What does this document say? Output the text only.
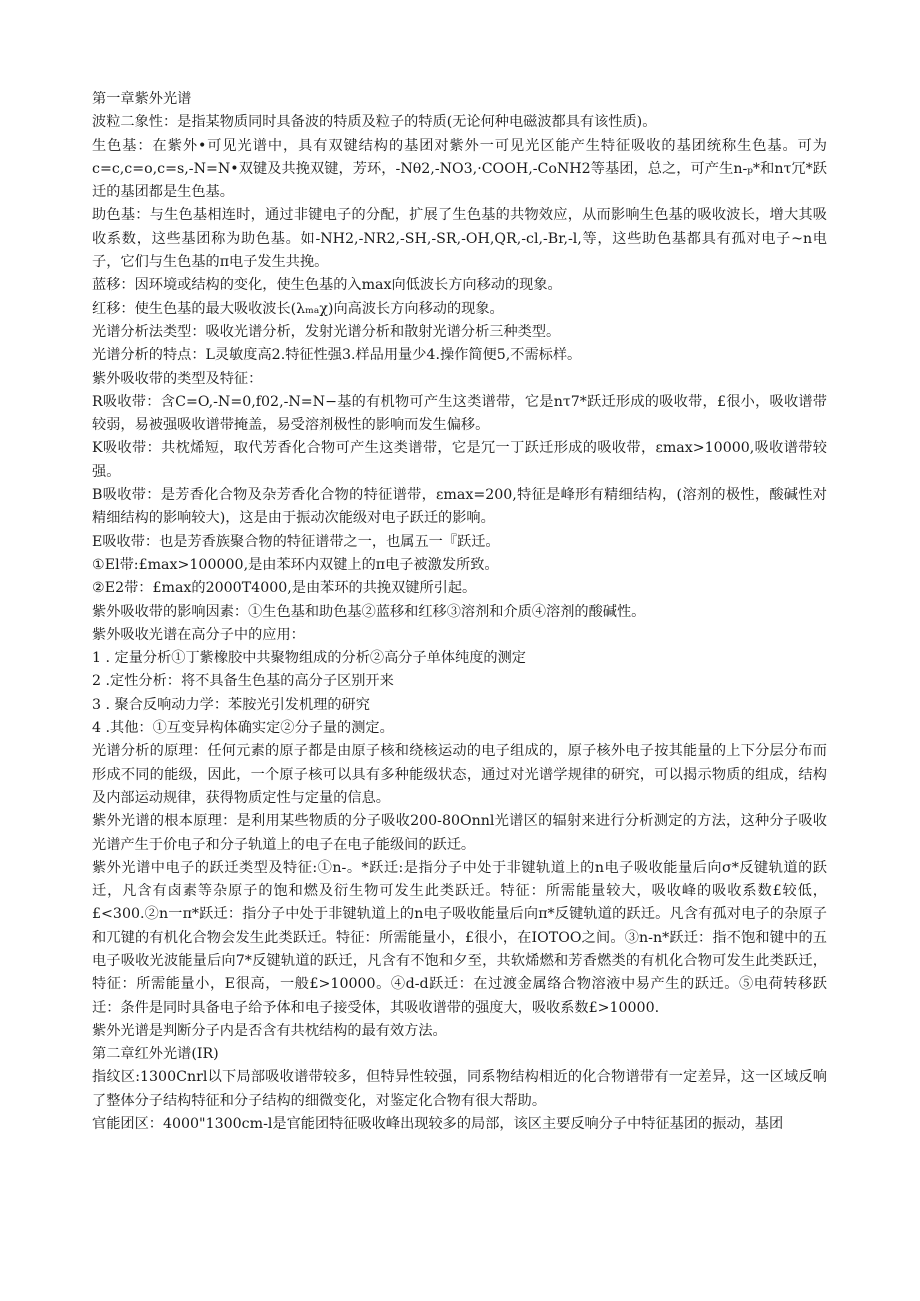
第一章紫外光谱

波粒二象性：是指某物质同时具备波的特质及粒子的特质(无论何种电磁波都具有该性质)。

生色基：在紫外•可见光谱中，具有双键结构的基团对紫外一可见光区能产生特征吸收的基团统称生色基。可为c=c,c=o,c=s,-N=N•双键及共挽双键，芳环，-Nθ2,-NO3,·COOH,-CoNH2等基团，总之，可产生n-ₚ*和nτ冗*跃迁的基团都是生色基。

助色基：与生色基相连时，通过非键电子的分配，扩展了生色基的共物效应，从而影响生色基的吸收波长，增大其吸收系数，这些基团称为助色基。如-NH2,-NR2,-SH,-SR,-OH,QR,-cl,-Br,-l,等，这些助色基都具有孤对电子~n电子，它们与生色基的π电子发生共挽。

蓝移：因环境或结构的变化，使生色基的入max向低波长方向移动的现象。

红移：使生色基的最大吸收波长(λₘₐχ)向高波长方向移动的现象。

光谱分析法类型：吸收光谱分析，发射光谱分析和散射光谱分析三种类型。

光谱分析的特点：L灵敏度高2.特征性强3.样品用量少4.操作简便5,不需标样。

紫外吸收带的类型及特征：

R吸收带：含C=O,-N=0,f02,-N=N−基的有机物可产生这类谱带，它是nτ7*跃迁形成的吸收带，£很小，吸收谱带较弱，易被强吸收谱带掩盖，易受溶剂极性的影响而发生偏移。

K吸收带：共枕烯短，取代芳香化合物可产生这类谱带，它是冗一丁跃迁形成的吸收带，εmax>10000,吸收谱带较强。

B吸收带：是芳香化合物及杂芳香化合物的特征谱带，εmax=200,特征是峰形有精细结构，(溶剂的极性，酸碱性对精细结构的影响较大)，这是由于振动次能级对电子跃迁的影响。

E吸收带：也是芳香族聚合物的特征谱带之一，也属五一『跃迁。

①El带:£max>100000,是由苯环内双键上的π电子被激发所致。

②E2带：£max的2000T4000,是由苯环的共挽双键所引起。

紫外吸收带的影响因素：①生色基和助色基②蓝移和红移③溶剂和介质④溶剂的酸碱性。

紫外吸收光谱在高分子中的应用：

1 . 定量分析①丁紫橡胶中共聚物组成的分析②高分子单体纯度的测定

2 .定性分析：将不具备生色基的高分子区别开来

3 . 聚合反响动力学：苯胺光引发机理的研究

4 .其他：①互变异构体确实定②分子量的测定。

光谱分析的原理：任何元素的原子都是由原子核和绕核运动的电子组成的，原子核外电子按其能量的上下分层分布而形成不同的能级，因此，一个原子核可以具有多种能级状态，通过对光谱学规律的研究，可以揭示物质的组成，结构及内部运动规律，获得物质定性与定量的信息。

紫外光谱的根本原理：是利用某些物质的分子吸收200-80Onnl光谱区的辐射来进行分析测定的方法，这种分子吸收光谱产生于价电子和分子轨道上的电子在电子能级间的跃迁。

紫外光谱中电子的跃迁类型及特征:①n-。*跃迁:是指分子中处于非键轨道上的n电子吸收能量后向σ*反键轨道的跃迁，凡含有卤素等杂原子的饱和燃及衍生物可发生此类跃迁。特征：所需能量较大，吸收峰的吸收系数£较低，£<300.②n一π*跃迁：指分子中处于非键轨道上的n电子吸收能量后向π*反键轨道的跃迁。凡含有孤对电子的杂原子和兀键的有机化合物会发生此类跃迁。特征：所需能量小，£很小，在IOTOO之间。③n-n*跃迁：指不饱和键中的五电子吸收光波能量后向7*反键轨道的跃迁，凡含有不饱和夕至，共软烯燃和芳香燃类的有机化合物可发生此类跃迁，特征：所需能量小，E很高，一般£>10000。④d-d跃迁：在过渡金属络合物溶液中易产生的跃迁。⑤电荷转移跃迁：条件是同时具备电子给予体和电子接受体，其吸收谱带的强度大，吸收系数£>10000.

紫外光谱是判断分子内是否含有共枕结构的最有效方法。

第二章红外光谱(IR)

指纹区:1300Cnrl以下局部吸收谱带较多，但特异性较强，同系物结构相近的化合物谱带有一定差异，这一区域反响了整体分子结构特征和分子结构的细微变化，对鉴定化合物有很大帮助。

官能团区：4000"1300cm-l是官能团特征吸收峰出现较多的局部，该区主要反响分子中特征基团的振动，基团
